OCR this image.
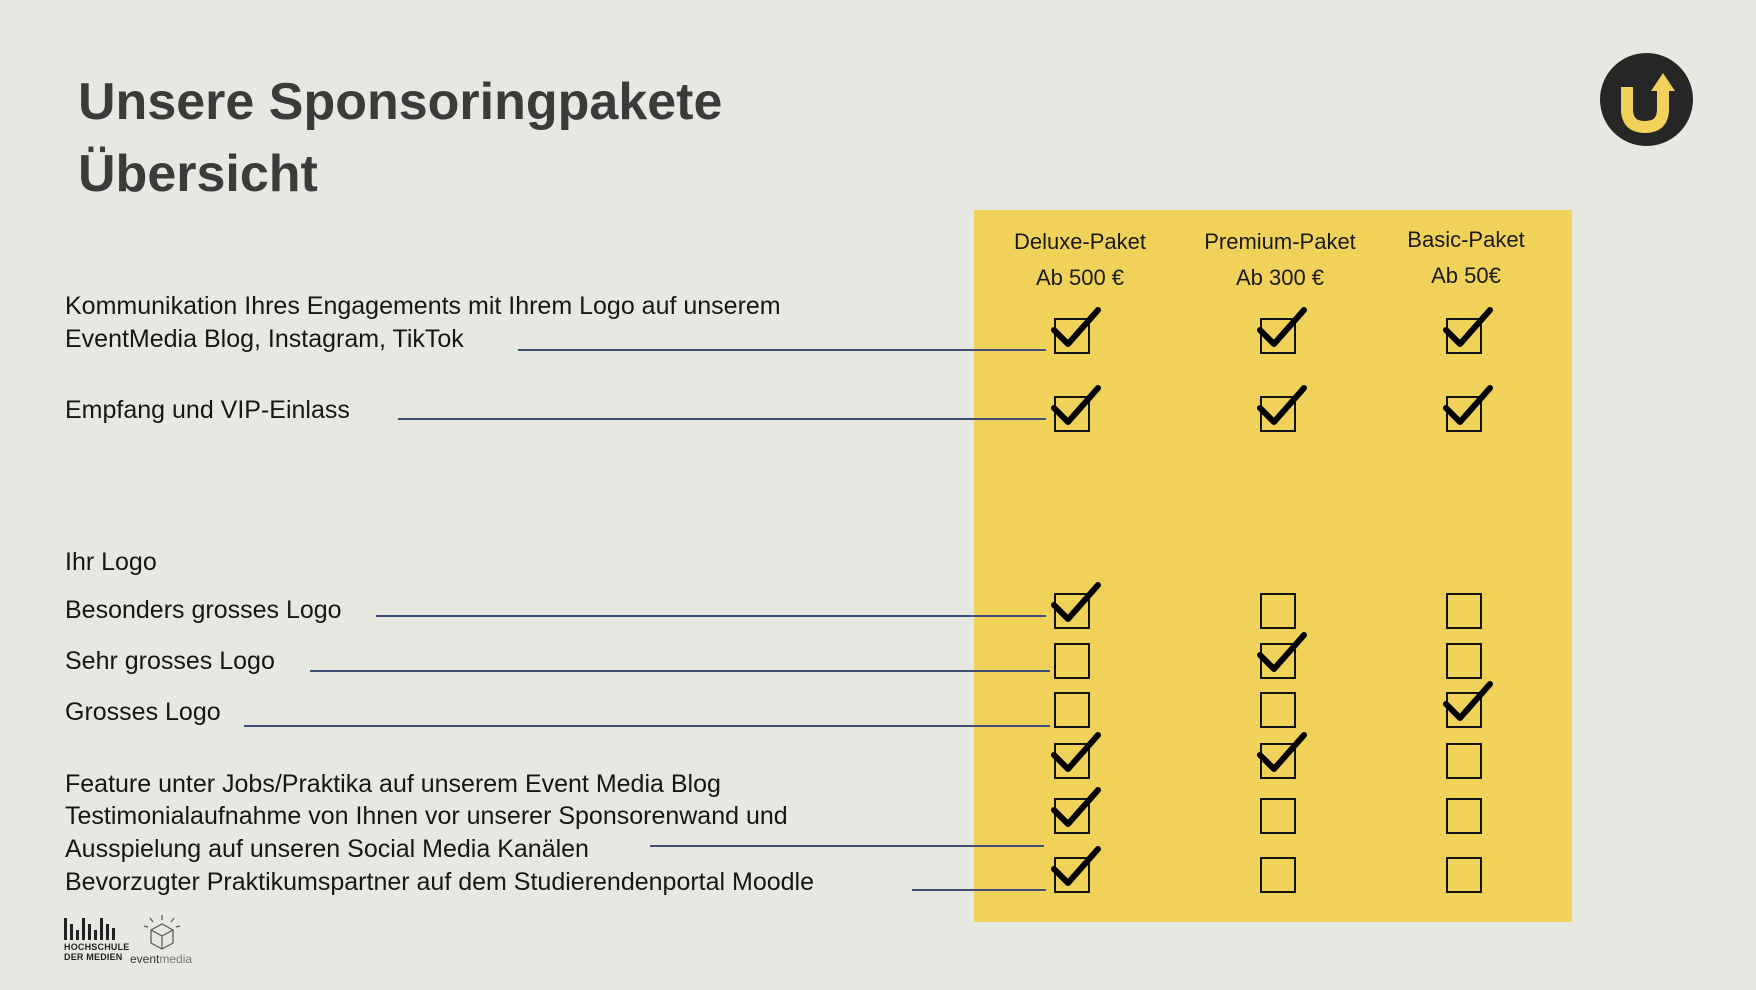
Unsere Sponsoringpakete
Übersicht
Deluxe-Paket
Ab 500 €
Premium-Paket
Ab 300 €
Basic-Paket
Ab 50€
Kommunikation Ihres Engagements mit Ihrem Logo auf unserem
EventMedia Blog, Instagram, TikTok
Empfang und VIP-Einlass
Ihr Logo
Besonders grosses Logo
Sehr grosses Logo
Grosses Logo
Feature unter Jobs/Praktika auf unserem Event Media Blog
Testimonialaufnahme von Ihnen vor unserer Sponsorenwand und
Ausspielung auf unseren Social Media Kanälen
Bevorzugter Praktikumspartner auf dem Studierendenportal Moodle
HOCHSCHULE
DER MEDIEN eventmedia
